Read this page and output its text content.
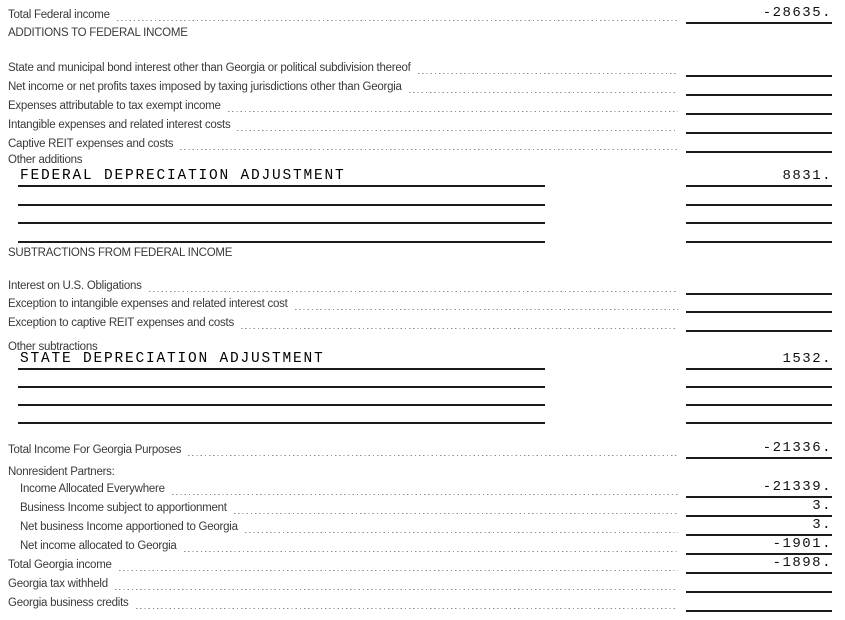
Total Federal income	-28635.
ADDITIONS TO FEDERAL INCOME
State and municipal bond interest other than Georgia or political subdivision thereof
Net income or net profits taxes imposed by taxing jurisdictions other than Georgia
Expenses attributable to tax exempt income
Intangible expenses and related interest costs
Captive REIT expenses and costs
Other additions
FEDERAL DEPRECIATION ADJUSTMENT	8831.
SUBTRACTIONS FROM FEDERAL INCOME
Interest on U.S. Obligations
Exception to intangible expenses and related interest cost
Exception to captive REIT expenses and costs
Other subtractions
STATE DEPRECIATION ADJUSTMENT	1532.
Total Income For Georgia Purposes	-21336.
Nonresident Partners:
Income Allocated Everywhere	-21339.
Business Income subject to apportionment	3.
Net business Income apportioned to Georgia	3.
Net income allocated to Georgia	-1901.
Total Georgia income	-1898.
Georgia tax withheld
Georgia business credits
